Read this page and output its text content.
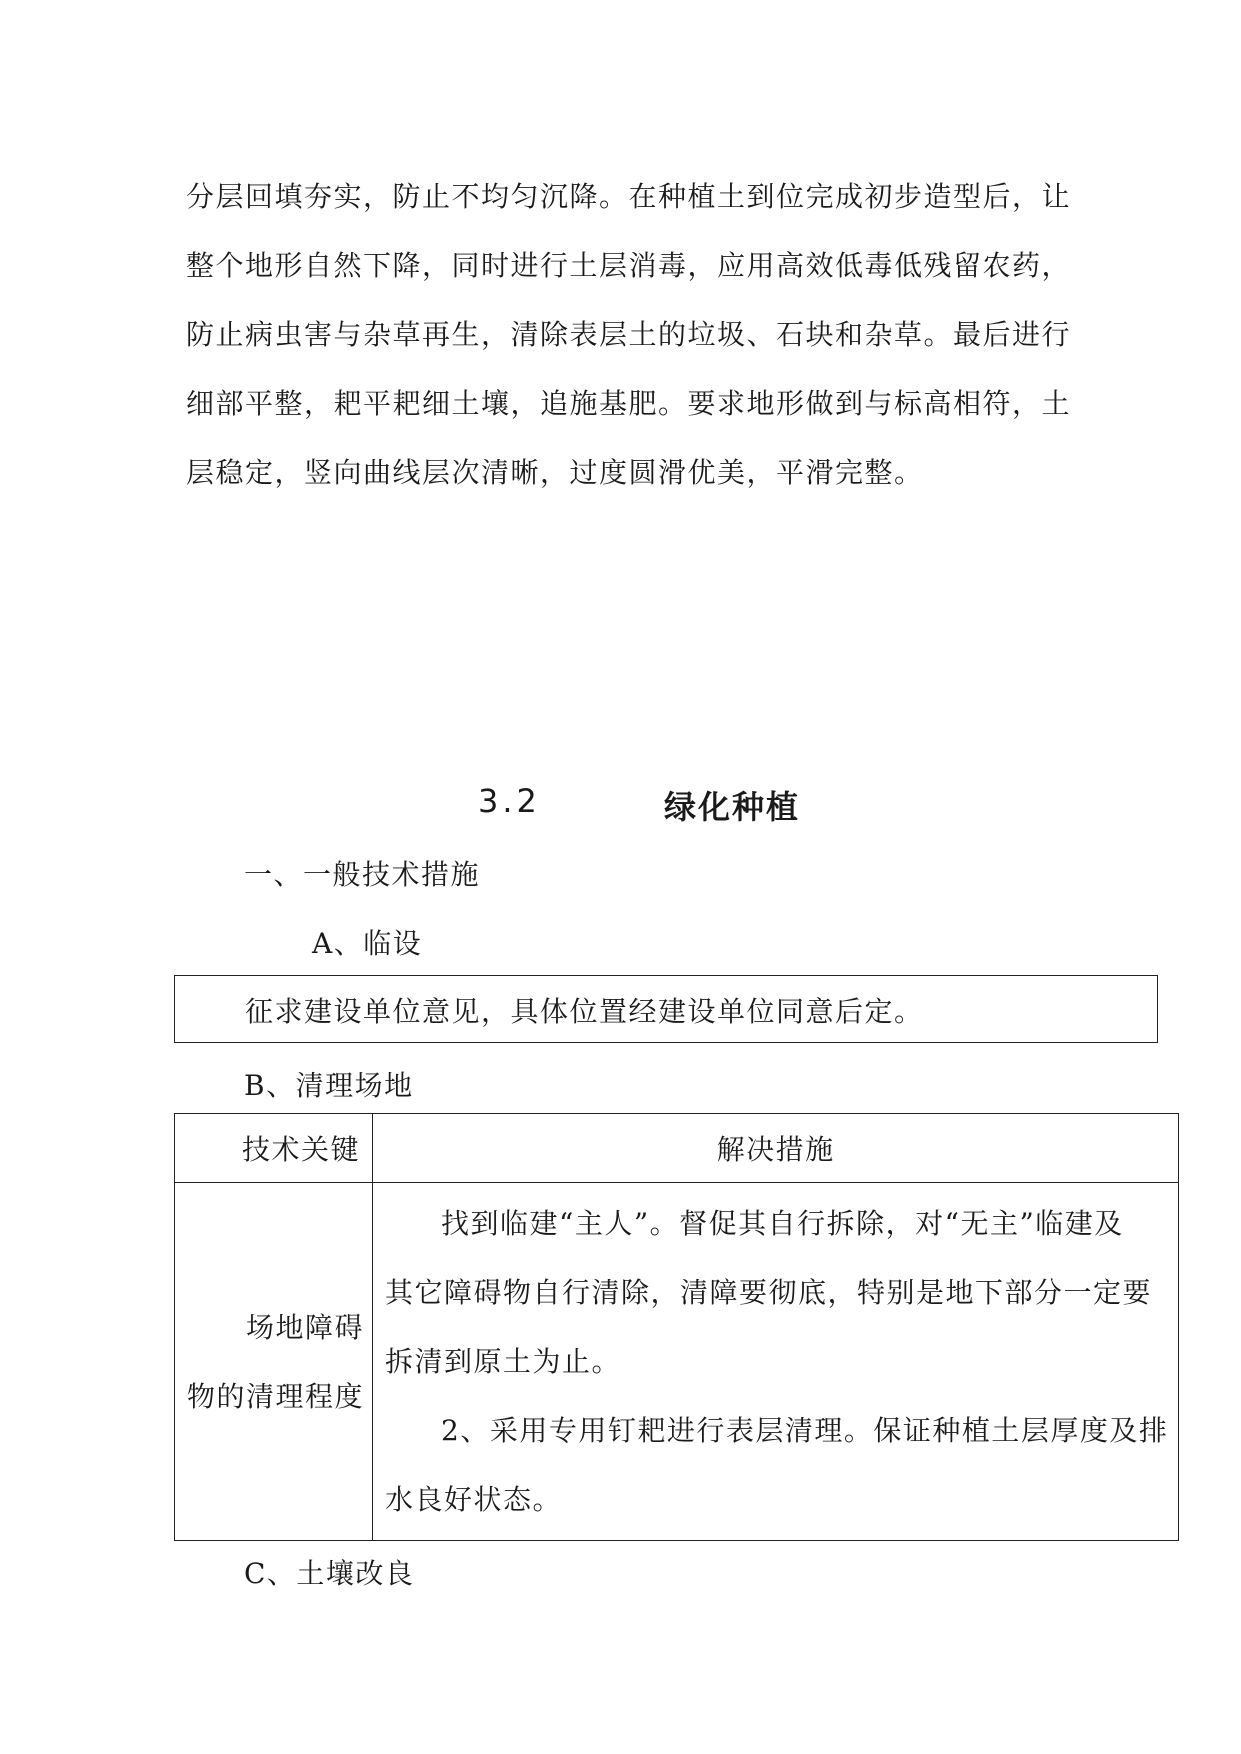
分层回填夯实，防止不均匀沉降。在种植土到位完成初步造型后，让
整个地形自然下降，同时进行土层消毒，应用高效低毒低残留农药，
防止病虫害与杂草再生，清除表层土的垃圾、石块和杂草。最后进行
细部平整，耙平耙细土壤，追施基肥。要求地形做到与标高相符，土
层稳定，竖向曲线层次清晰，过度圆滑优美，平滑完整。
3.2	绿化种植
一、一般技术措施
A、临设
征求建设单位意见，具体位置经建设单位同意后定。
B、清理场地
技术关键	解决措施

场地障碍
物的清理程度	找到临建“主人”。督促其自行拆除，对“无主”临建及
其它障碍物自行清除，清障要彻底，特别是地下部分一定要
拆清到原土为止。
2、采用专用钉耙进行表层清理。保证种植土层厚度及排
水良好状态。
C、土壤改良
